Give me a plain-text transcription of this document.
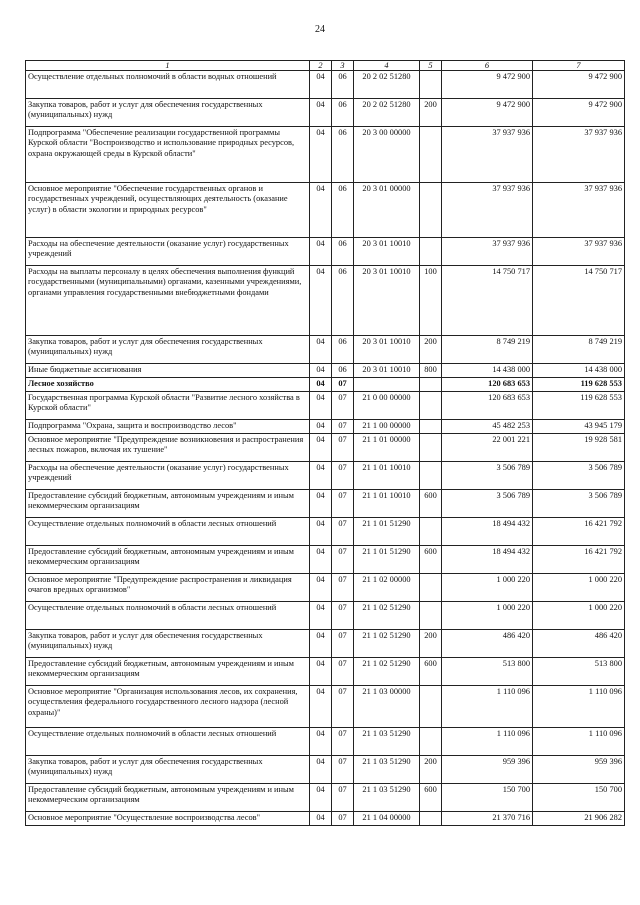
24
1	2	3	4	5	6	7
Осуществление отдельных полномочий в области водных отношений	04	06	20 2 02 51280		9 472 900	9 472 900
Закупка товаров, работ и услуг для обеспечения государственных (муниципальных) нужд	04	06	20 2 02 51280	200	9 472 900	9 472 900
Подпрограмма "Обеспечение реализации государственной программы Курской области "Воспроизводство и использование природных ресурсов, охрана окружающей среды в Курской области"	04	06	20 3 00 00000		37 937 936	37 937 936
Основное мероприятие "Обеспечение государственных органов и государственных учреждений, осуществляющих деятельность (оказание услуг) в области экологии и природных ресурсов"	04	06	20 3 01 00000		37 937 936	37 937 936
Расходы на обеспечение деятельности (оказание услуг) государственных учреждений	04	06	20 3 01 10010		37 937 936	37 937 936
Расходы на выплаты персоналу в целях обеспечения выполнения функций государственными (муниципальными) органами, казенными учреждениями, органами управления государственными внебюджетными фондами	04	06	20 3 01 10010	100	14 750 717	14 750 717
Закупка товаров, работ и услуг для обеспечения государственных (муниципальных) нужд	04	06	20 3 01 10010	200	8 749 219	8 749 219
Иные бюджетные ассигнования	04	06	20 3 01 10010	800	14 438 000	14 438 000
Лесное хозяйство	04	07			120 683 653	119 628 553
Государственная программа Курской области "Развитие лесного хозяйства в Курской области"	04	07	21 0 00 00000		120 683 653	119 628 553
Подпрограмма "Охрана, защита и воспроизводство лесов"	04	07	21 1 00 00000		45 482 253	43 945 179
Основное мероприятие "Предупреждение возникновения и распространения лесных пожаров, включая их тушение"	04	07	21 1 01 00000		22 001 221	19 928 581
Расходы на обеспечение деятельности (оказание услуг) государственных учреждений	04	07	21 1 01 10010		3 506 789	3 506 789
Предоставление субсидий бюджетным, автономным учреждениям и иным некоммерческим организациям	04	07	21 1 01 10010	600	3 506 789	3 506 789
Осуществление отдельных полномочий в области лесных отношений	04	07	21 1 01 51290		18 494 432	16 421 792
Предоставление субсидий бюджетным, автономным учреждениям и иным некоммерческим организациям	04	07	21 1 01 51290	600	18 494 432	16 421 792
Основное мероприятие "Предупреждение распространения и ликвидация очагов вредных организмов"	04	07	21 1 02 00000		1 000 220	1 000 220
Осуществление отдельных полномочий в области лесных отношений	04	07	21 1 02 51290		1 000 220	1 000 220
Закупка товаров, работ и услуг для обеспечения государственных (муниципальных) нужд	04	07	21 1 02 51290	200	486 420	486 420
Предоставление субсидий бюджетным, автономным учреждениям и иным некоммерческим организациям	04	07	21 1 02 51290	600	513 800	513 800
Основное мероприятие "Организация использования лесов, их сохранения, осуществления федерального государственного лесного надзора (лесной охраны)"	04	07	21 1 03 00000		1 110 096	1 110 096
Осуществление отдельных полномочий в области лесных отношений	04	07	21 1 03 51290		1 110 096	1 110 096
Закупка товаров, работ и услуг для обеспечения государственных (муниципальных) нужд	04	07	21 1 03 51290	200	959 396	959 396
Предоставление субсидий бюджетным, автономным учреждениям и иным некоммерческим организациям	04	07	21 1 03 51290	600	150 700	150 700
Основное мероприятие "Осуществление воспроизводства лесов"	04	07	21 1 04 00000		21 370 716	21 906 282
